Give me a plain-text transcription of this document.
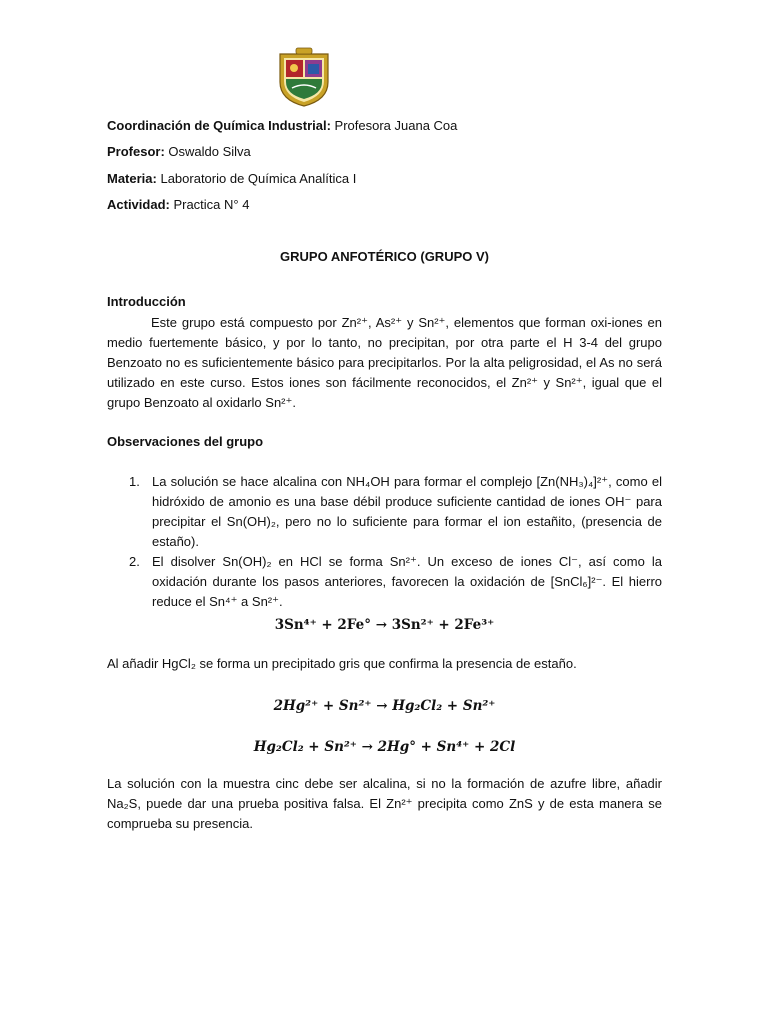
Coordinación de Química Industrial: Profesora Juana Coa

Profesor: Oswaldo Silva

Materia: Laboratorio de Química Analítica I

Actividad: Practica N° 4

GRUPO ANFOTÉRICO (GRUPO V)
Introducción

Este grupo está compuesto por Zn²⁺, As²⁺ y Sn²⁺, elementos que forman oxi-iones en medio fuertemente básico, y por lo tanto, no precipitan, por otra parte el H 3-4 del grupo Benzoato no es suficientemente básico para precipitarlos. Por la alta peligrosidad, el As no será utilizado en este curso. Estos iones son fácilmente reconocidos, el Zn²⁺ y Sn²⁺, igual que el grupo Benzoato al oxidarlo Sn²⁺.

Observaciones del grupo
1. La solución se hace alcalina con NH₄OH para formar el complejo [Zn(NH₃)₄]²⁺, como el hidróxido de amonio es una base débil produce suficiente cantidad de iones OH⁻ para precipitar el Sn(OH)₂, pero no lo suficiente para formar el ion estañito, (presencia de estaño).
2. El disolver Sn(OH)₂ en HCl se forma Sn²⁺. Un exceso de iones Cl⁻, así como la oxidación durante los pasos anteriores, favorecen la oxidación de [SnCl₆]²⁻. El hierro reduce el Sn⁴⁺ a Sn²⁺.
3Sn⁴⁺ + 2Fe° → 3Sn²⁺ + 2Fe³⁺

Al añadir HgCl₂ se forma un precipitado gris que confirma la presencia de estaño.

2Hg²⁺ + Sn²⁺ → Hg₂Cl₂ + Sn²⁺
Hg₂Cl₂ + Sn²⁺ → 2Hg° + Sn⁴⁺ + 2Cl

La solución con la muestra cinc debe ser alcalina, si no la formación de azufre libre, añadir Na₂S, puede dar una prueba positiva falsa. El Zn²⁺ precipita como ZnS y de esta manera se comprueba su presencia.
